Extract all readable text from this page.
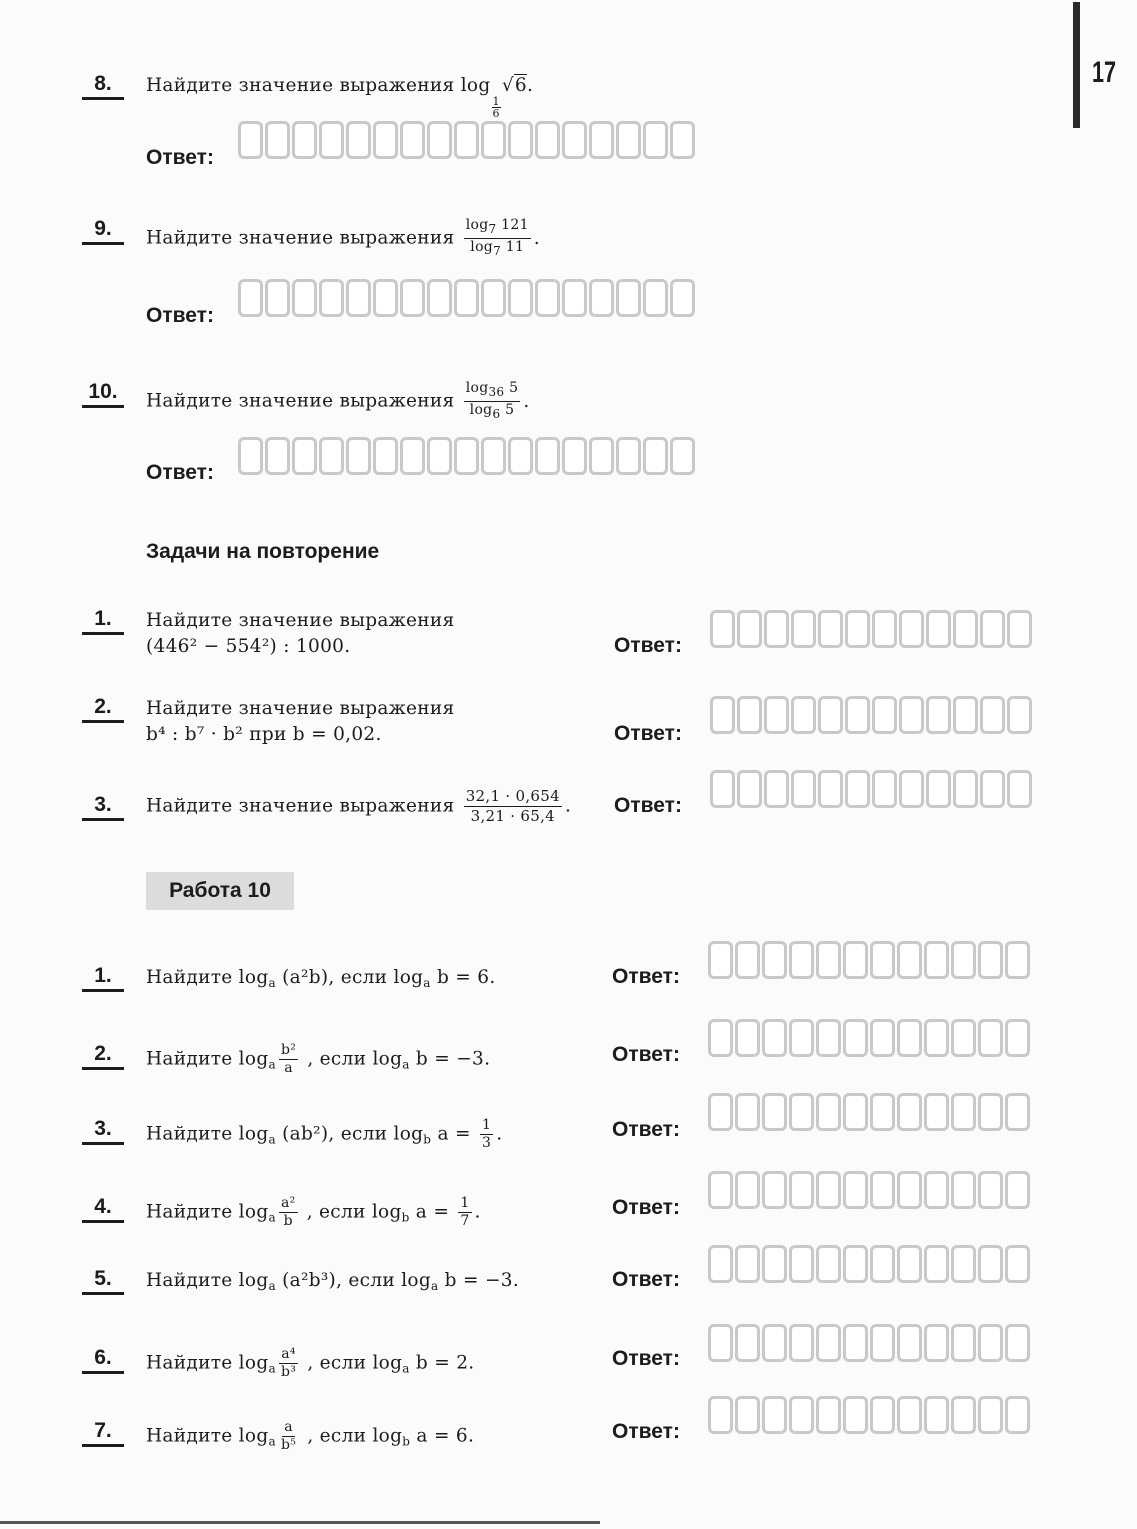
17
8.	Найдите значение выражения log
$\frac{1}{6}$
√6.
Ответ:
9.	Найдите значение выражения $\frac{\log_7 121}{\log_7 11}$ .
Ответ:
10.	Найдите значение выражения $\frac{\log_{36} 5}{\log_6 5}$ .
Ответ:
Задачи на повторение
1.	Найдите значение выражения
(446² − 554²) : 1000.	Ответ:
2.	Найдите значение выражения
b⁴ : b⁷ · b² при b = 0,02.	Ответ:
3.	Найдите значение выражения $\frac{32,1 \cdot 0,654}{3,21 \cdot 65,4}$ . Ответ:
Работа 10
1.	Найдите $\log_a (a^2b)$, если $\log_a b = 6$.	Ответ:
2.	Найдите $\log_a \frac{\text{b²}}{a}$ , если $\log_a b = -3$.	Ответ:
3.	Найдите $\log_a (ab^2)$, если $\log_b a = \frac{1}{3}$ .	Ответ:
4.	Найдите $\log_a \frac{\text{a²}}{b}$ , если $\log_b a = \frac{1}{7}$ .	Ответ:
5.	Найдите $\log_a (a^2b^3)$, если $\log_a b = -3$.	Ответ:
6.	Найдите $\log_a \frac{\text{a⁴}}{\text{b³}}$ , если $\log_a b = 2$.	Ответ:
7.	Найдите $\log_a \frac{a}{\text{b⁵}}$ , если $\log_b a = 6$.	Ответ:
